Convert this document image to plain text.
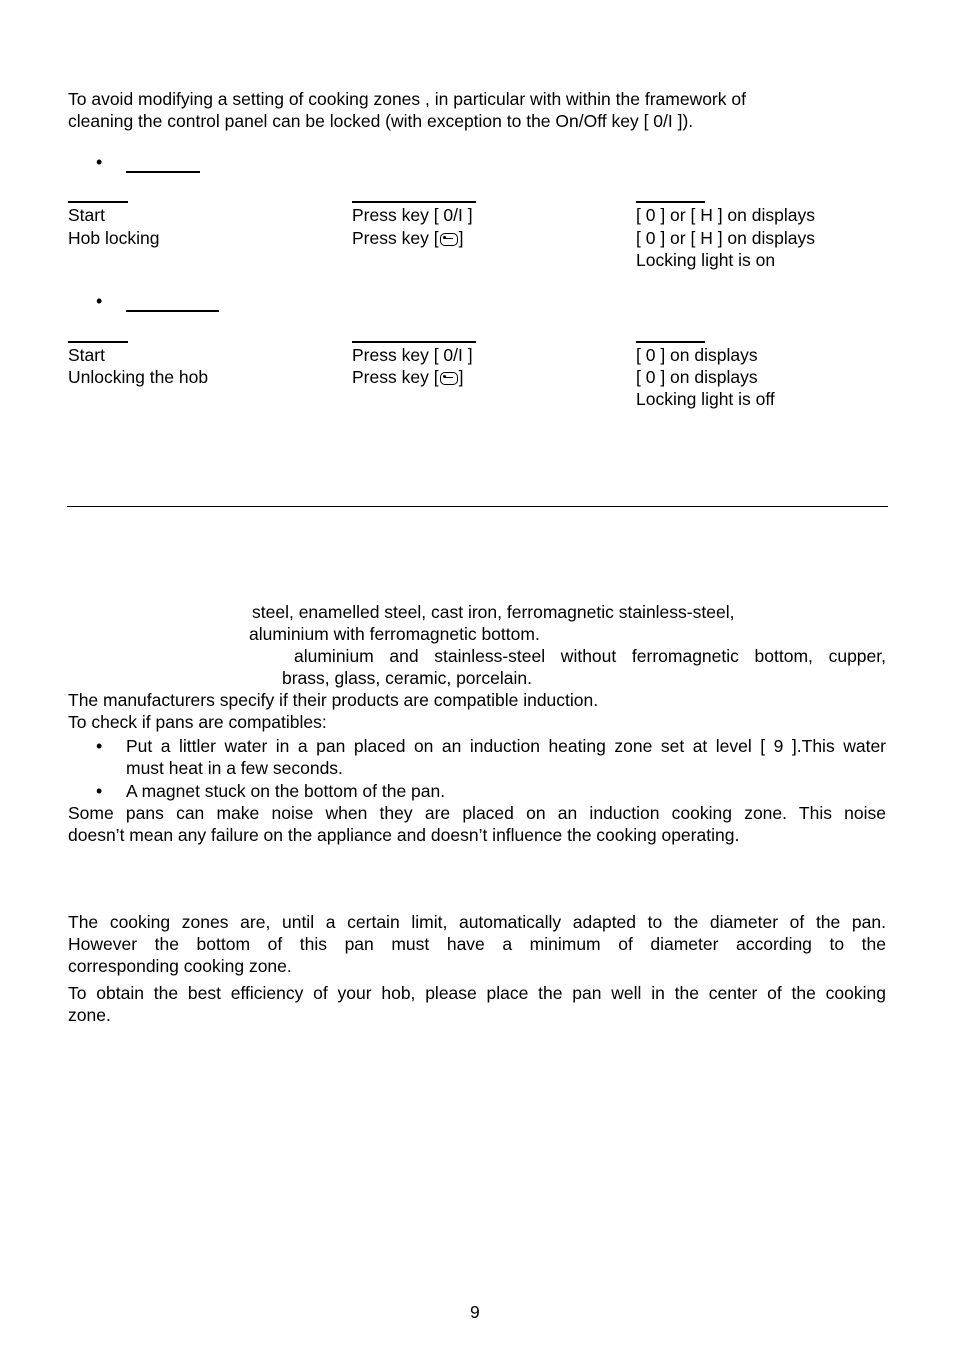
To avoid modifying a setting of cooking zones , in particular with within the framework of
cleaning the control panel can be locked (with exception to the On/Off key [ 0/I ]).
•
Start	Press key [ 0/I ]	[ 0 ] or [ H ] on displays
Hob locking	Press key [ ]	[ 0 ] or [ H ] on displays
Locking light is on
•
Start	Press key [ 0/I ]	[ 0 ] on displays
Unlocking the hob	Press key [ ]	[ 0 ] on displays
Locking light is off
steel, enamelled steel, cast iron, ferromagnetic stainless-steel,
aluminium with ferromagnetic bottom.
aluminium and stainless-steel without ferromagnetic bottom, cupper,
brass, glass, ceramic, porcelain.
The manufacturers specify if their products are compatible induction.
To check if pans are compatibles:
• Put a littler water in a pan placed on an induction heating zone set at level [ 9 ].This water
must heat in a few seconds.
• A magnet stuck on the bottom of the pan.
Some pans can make noise when they are placed on an induction cooking zone. This noise
doesn’t mean any failure on the appliance and doesn’t influence the cooking operating.
The cooking zones are, until a certain limit, automatically adapted to the diameter of the pan.
However the bottom of this pan must have a minimum of diameter according to the
corresponding cooking zone.
To obtain the best efficiency of your hob, please place the pan well in the center of the cooking
zone.
9
